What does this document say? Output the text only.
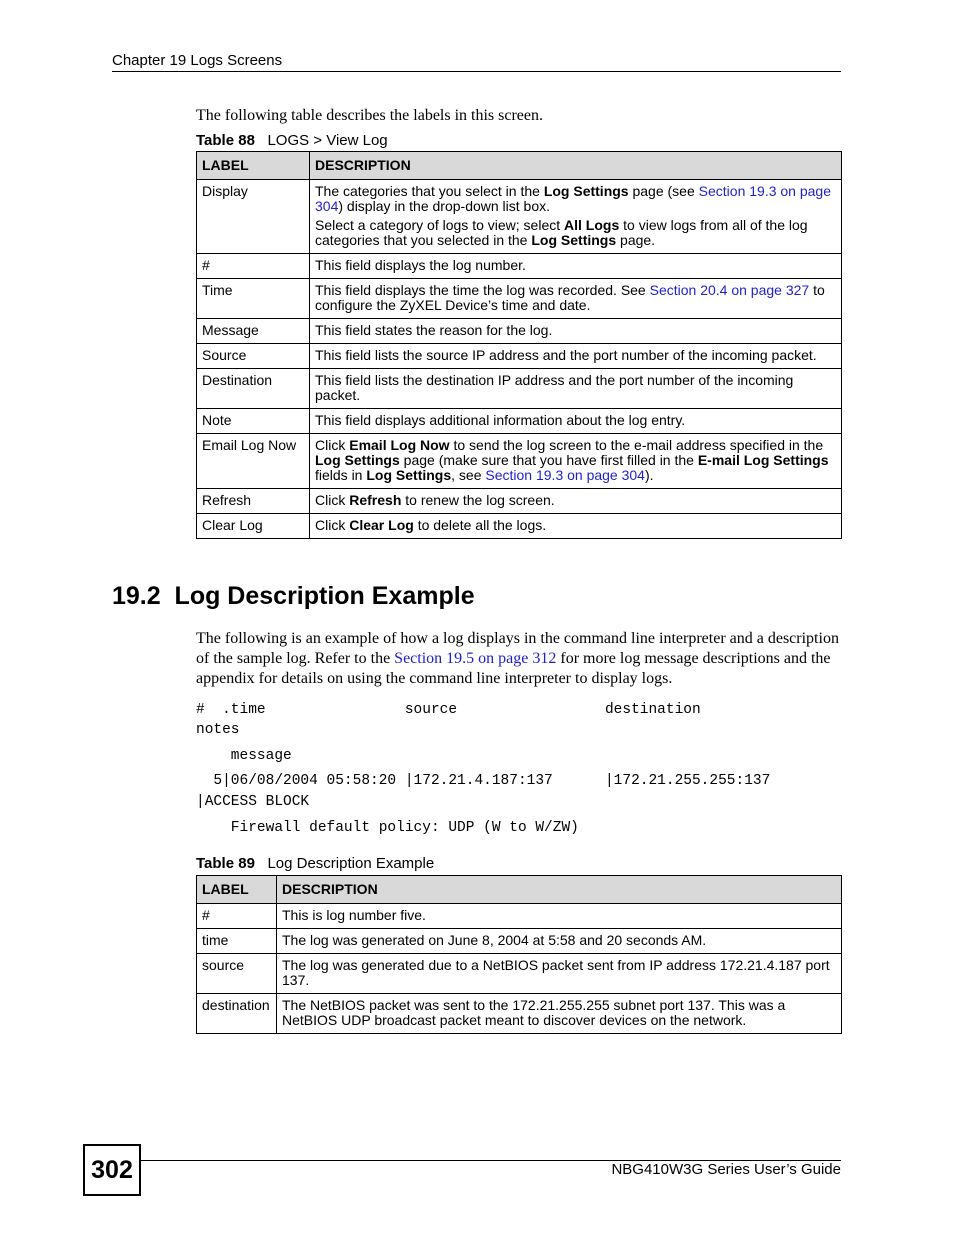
Chapter 19 Logs Screens
The following table describes the labels in this screen.
Table 88 LOGS > View Log
LABEL	DESCRIPTION
Display	The categories that you select in the Log Settings page (see Section 19.3 on page 304) display in the drop-down list box.

Select a category of logs to view; select All Logs to view logs from all of the log categories that you selected in the Log Settings page.

#	This field displays the log number.
Time	This field displays the time the log was recorded. See Section 20.4 on page 327 to configure the ZyXEL Device’s time and date.
Message	This field states the reason for the log.
Source	This field lists the source IP address and the port number of the incoming packet.
Destination	This field lists the destination IP address and the port number of the incoming packet.
Note	This field displays additional information about the log entry.
Email Log Now	Click Email Log Now to send the log screen to the e-mail address specified in the Log Settings page (make sure that you have first filled in the E-mail Log Settings fields in Log Settings, see Section 19.3 on page 304).
Refresh	Click Refresh to renew the log screen.
Clear Log	Click Clear Log to delete all the logs.
19.2  Log Description Example
The following is an example of how a log displays in the command line interpreter and a description of the sample log. Refer to the Section 19.5 on page 312 for more log message descriptions and the appendix for details on using the command line interpreter to display logs.
#  .time                source                 destination
notes
message
5|06/08/2004 05:58:20 |172.21.4.187:137      |172.21.255.255:137
|ACCESS BLOCK
Firewall default policy: UDP (W to W/ZW)
Table 89 Log Description Example
LABEL	DESCRIPTION
#	This is log number five.
time	The log was generated on June 8, 2004 at 5:58 and 20 seconds AM.
source	The log was generated due to a NetBIOS packet sent from IP address 172.21.4.187 port 137.
destination	The NetBIOS packet was sent to the 172.21.255.255 subnet port 137. This was a NetBIOS UDP broadcast packet meant to discover devices on the network.
302	NBG410W3G Series User’s Guide
